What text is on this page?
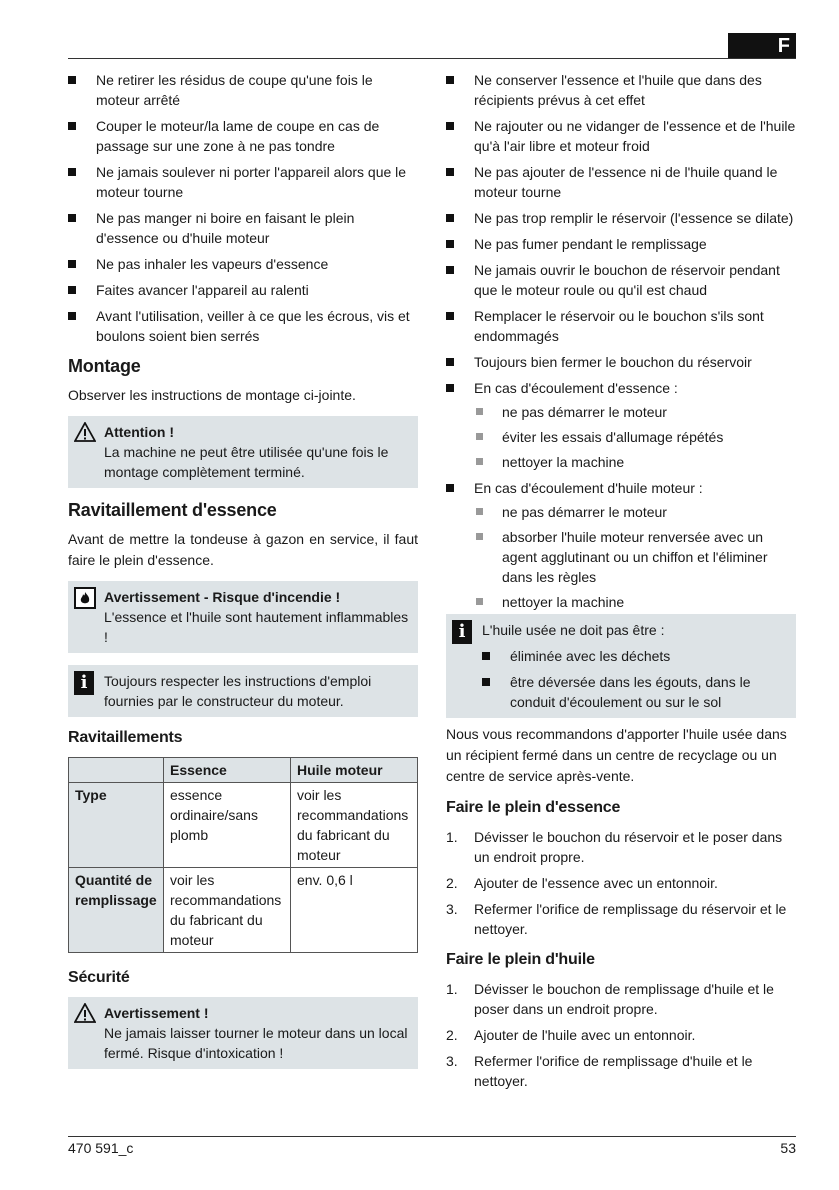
F
Ne retirer les résidus de coupe qu'une fois le moteur arrêté
Couper le moteur/la lame de coupe en cas de passage sur une zone à ne pas tondre
Ne jamais soulever ni porter l'appareil alors que le moteur tourne
Ne pas manger ni boire en faisant le plein d'essence ou d'huile moteur
Ne pas inhaler les vapeurs d'essence
Faites avancer l'appareil au ralenti
Avant l'utilisation, veiller à ce que les écrous, vis et boulons soient bien serrés
Montage

Observer les instructions de montage ci-jointe.

Attention !
La machine ne peut être utilisée qu'une fois le montage complètement terminé.
Ravitaillement d'essence

Avant de mettre la tondeuse à gazon en service, il faut faire le plein d'essence.

Avertissement - Risque d'incendie !
L'essence et l'huile sont hautement inflammables !
i	Toujours respecter les instructions d'emploi fournies par le constructeur du moteur.
Ravitaillements
	Essence	Huile moteur
Type	essence ordinaire/sans plomb	voir les recommandations du fabricant du moteur
Quantité de remplissage	voir les recommandations du fabricant du moteur	env. 0,6 l
Sécurité
Avertissement !
Ne jamais laisser tourner le moteur dans un local fermé. Risque d'intoxication !
Ne conserver l'essence et l'huile que dans des récipients prévus à cet effet
Ne rajouter ou ne vidanger de l'essence et de l'huile qu'à l'air libre et moteur froid
Ne pas ajouter de l'essence ni de l'huile quand le moteur tourne
Ne pas trop remplir le réservoir (l'essence se dilate)
Ne pas fumer pendant le remplissage
Ne jamais ouvrir le bouchon de réservoir pendant que le moteur roule ou qu'il est chaud
Remplacer le réservoir ou le bouchon s'ils sont endommagés
Toujours bien fermer le bouchon du réservoir
En cas d'écoulement d'essence :
ne pas démarrer le moteur
éviter les essais d'allumage répétés
nettoyer la machine
En cas d'écoulement d'huile moteur :
ne pas démarrer le moteur
absorber l'huile moteur renversée avec un agent agglutinant ou un chiffon et l'éliminer dans les règles
nettoyer la machine
i	L'huile usée ne doit pas être :
éliminée avec les déchets
être déversée dans les égouts, dans le conduit d'écoulement ou sur le sol

Nous vous recommandons d'apporter l'huile usée dans un récipient fermé dans un centre de recyclage ou un centre de service après-vente.

Faire le plein d'essence
1. Dévisser le bouchon du réservoir et le poser dans un endroit propre.
2. Ajouter de l'essence avec un entonnoir.
3. Refermer l'orifice de remplissage du réservoir et le nettoyer.
Faire le plein d'huile
1. Dévisser le bouchon de remplissage d'huile et le poser dans un endroit propre.
2. Ajouter de l'huile avec un entonnoir.
3. Refermer l'orifice de remplissage d'huile et le nettoyer.
470 591_c	53
